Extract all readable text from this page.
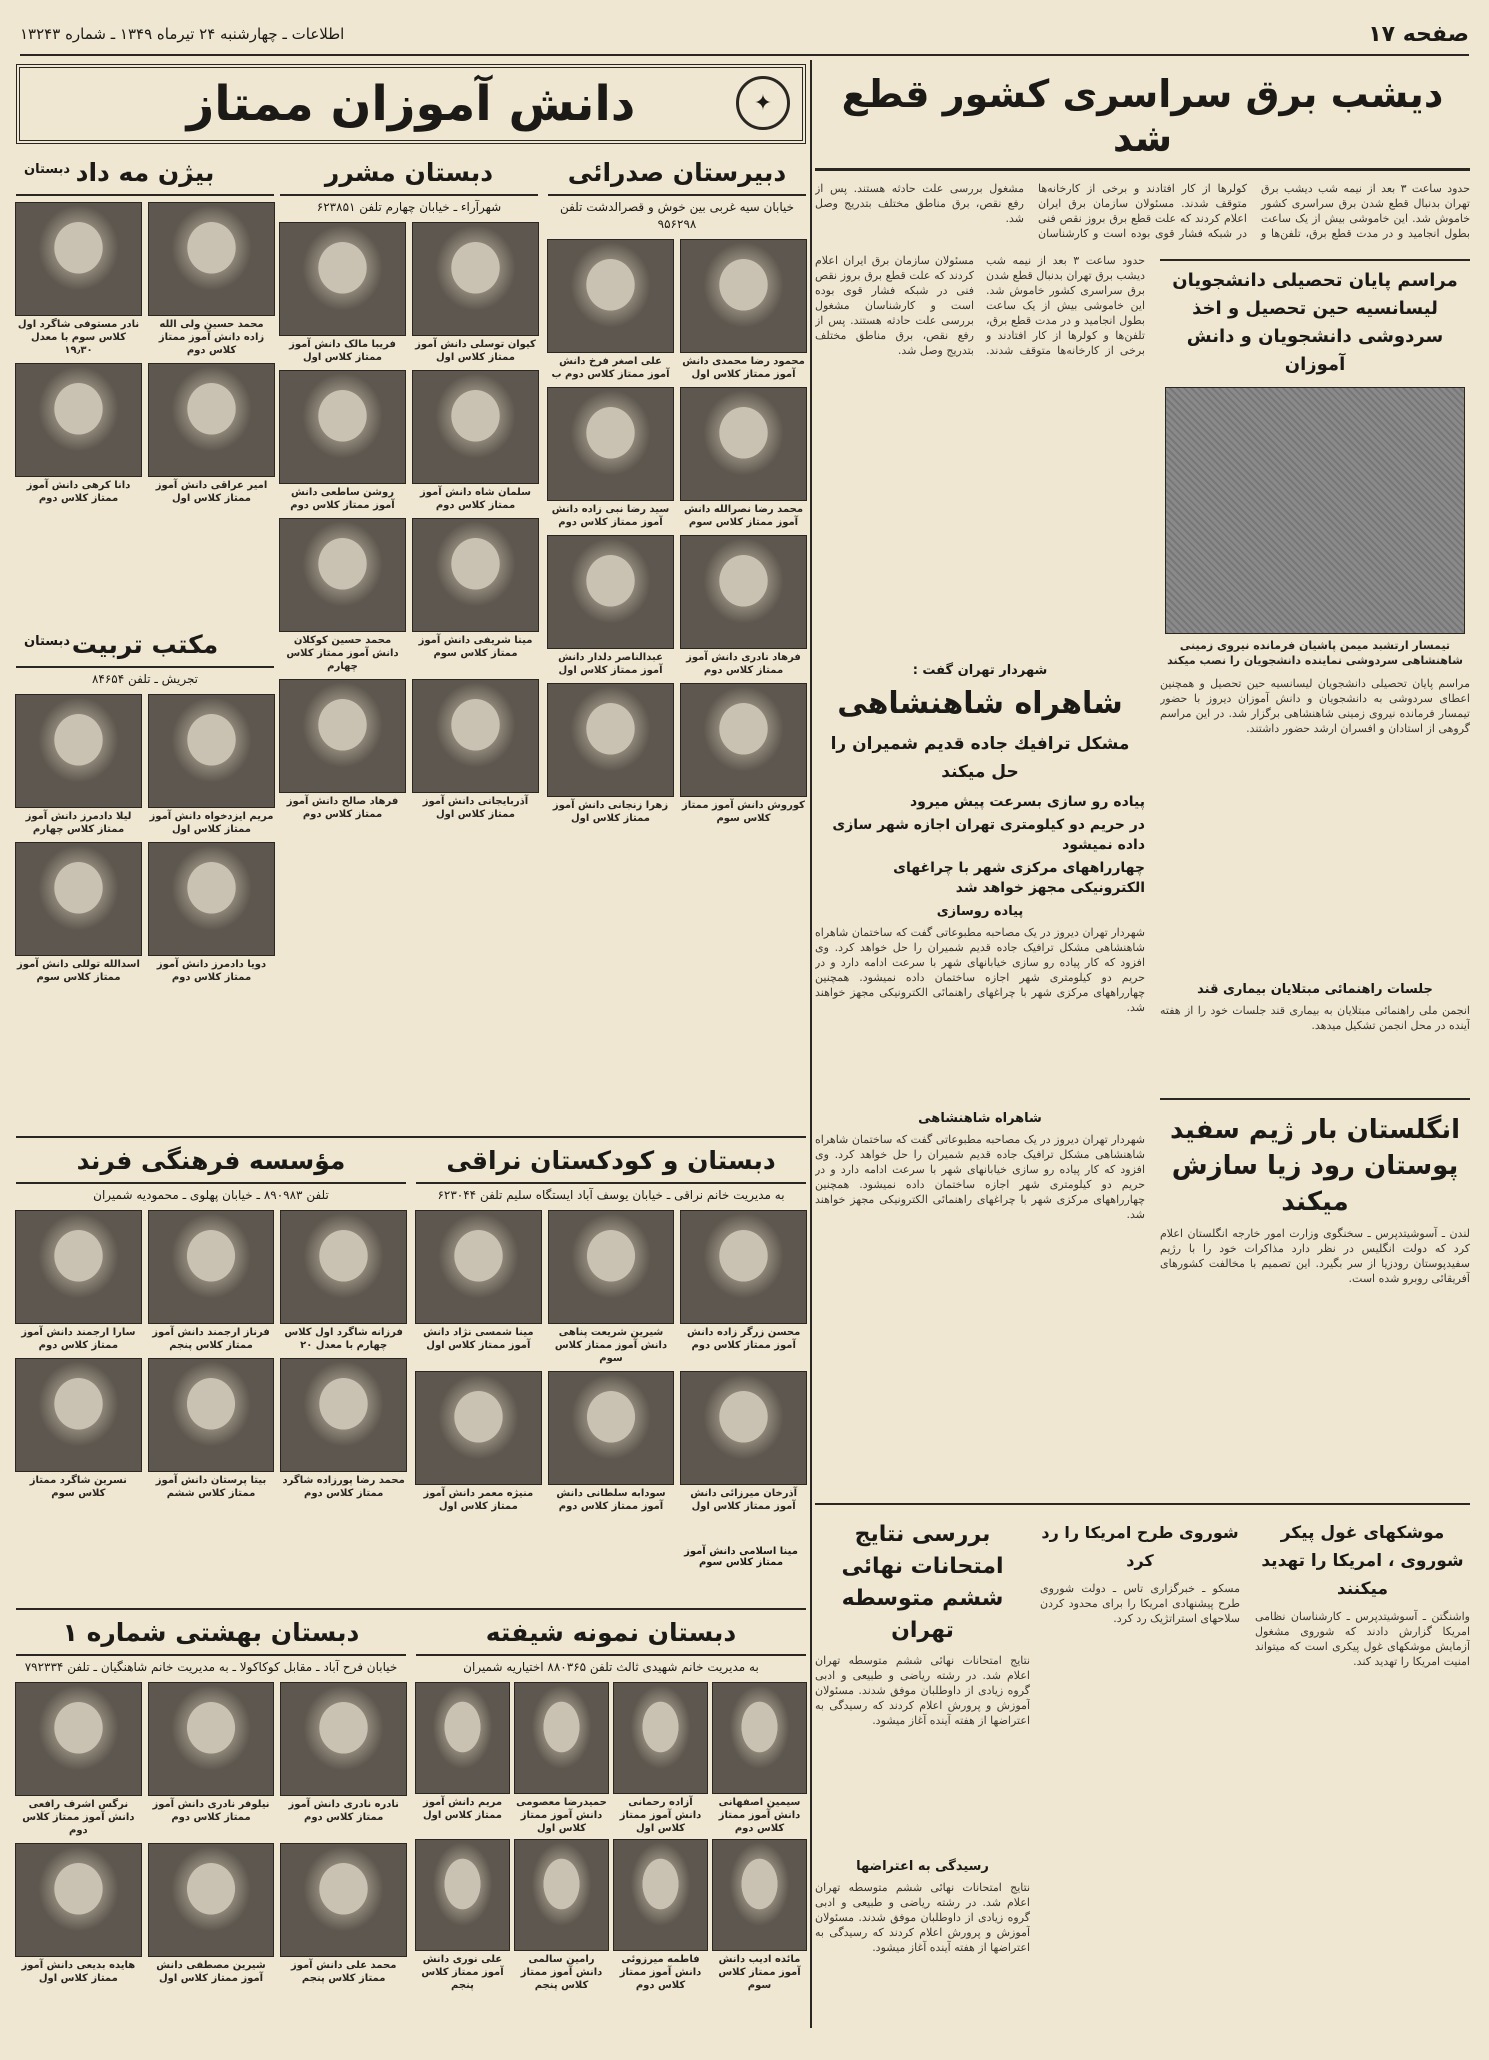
صفحه ۱۷
اطلاعات ـ چهارشنبه ۲۴ تیرماه ۱۳۴۹ ـ شماره ۱۳۲۴۳
دیشب برق سراسری کشور قطع شد
حدود ساعت ۳ بعد از نیمه شب دیشب برق تهران بدنبال قطع شدن برق سراسری کشور خاموش شد. این خاموشی بیش از یک ساعت بطول انجامید و در مدت قطع برق، تلفن‌ها و کولرها از کار افتادند و برخی از کارخانه‌ها متوقف شدند. مسئولان سازمان برق ایران اعلام کردند که علت قطع برق بروز نقص فنی در شبکه فشار قوی بوده است و کارشناسان مشغول بررسی علت حادثه هستند. پس از رفع نقص، برق مناطق مختلف بتدریج وصل شد.
مراسم پایان تحصیلی دانشجویان لیسانسیه حین تحصیل و اخذ سردوشی دانشجویان و دانش آموزان
تیمسار ارتشبد میمن پاشیان فرمانده نیروی زمینی شاهنشاهی سردوشی نماینده دانشجویان را نصب میکند
مراسم پایان تحصیلی دانشجویان لیسانسیه حین تحصیل و همچنین اعطای سردوشی به دانشجویان و دانش آموزان دیروز با حضور تیمسار فرمانده نیروی زمینی شاهنشاهی برگزار شد. در این مراسم گروهی از استادان و افسران ارشد حضور داشتند.
جلسات راهنمائی مبتلایان بیماری قند
انجمن ملی راهنمائی مبتلایان به بیماری قند جلسات خود را از هفته آینده در محل انجمن تشکیل میدهد.
حدود ساعت ۳ بعد از نیمه شب دیشب برق تهران بدنبال قطع شدن برق سراسری کشور خاموش شد. این خاموشی بیش از یک ساعت بطول انجامید و در مدت قطع برق، تلفن‌ها و کولرها از کار افتادند و برخی از کارخانه‌ها متوقف شدند. مسئولان سازمان برق ایران اعلام کردند که علت قطع برق بروز نقص فنی در شبکه فشار قوی بوده است و کارشناسان مشغول بررسی علت حادثه هستند. پس از رفع نقص، برق مناطق مختلف بتدریج وصل شد.
شهردار تهران گفت :
شاهراه شاهنشاهی
مشکل ترافیك جاده قدیم شمیران را حل میکند
پیاده رو سازی بسرعت پیش میرود
در حریم دو کیلومتری تهران اجازه شهر سازی داده نمیشود
چهارراههای مرکزی شهر با چراغهای الکترونیکی مجهز خواهد شد
پیاده روسازی
شهردار تهران دیروز در یک مصاحبه مطبوعاتی گفت که ساختمان شاهراه شاهنشاهی مشکل ترافیک جاده قدیم شمیران را حل خواهد کرد. وی افزود که کار پیاده رو سازی خیابانهای شهر با سرعت ادامه دارد و در حریم دو کیلومتری شهر اجازه ساختمان داده نمیشود. همچنین چهارراههای مرکزی شهر با چراغهای راهنمائی الکترونیکی مجهز خواهند شد.
شاهراه شاهنشاهی
شهردار تهران دیروز در یک مصاحبه مطبوعاتی گفت که ساختمان شاهراه شاهنشاهی مشکل ترافیک جاده قدیم شمیران را حل خواهد کرد. وی افزود که کار پیاده رو سازی خیابانهای شهر با سرعت ادامه دارد و در حریم دو کیلومتری شهر اجازه ساختمان داده نمیشود. همچنین چهارراههای مرکزی شهر با چراغهای راهنمائی الکترونیکی مجهز خواهند شد.
انگلستان بار ژیم سفید پوستان رود زیا سازش میکند
لندن ـ آسوشیتدپرس ـ سخنگوی وزارت امور خارجه انگلستان اعلام کرد که دولت انگلیس در نظر دارد مذاکرات خود را با رژیم سفیدپوستان رودزیا از سر بگیرد. این تصمیم با مخالفت کشورهای آفریقائی روبرو شده است.
بررسی نتایج امتحانات نهائی ششم متوسطه تهران
نتایج امتحانات نهائی ششم متوسطه تهران اعلام شد. در رشته ریاضی و طبیعی و ادبی گروه زیادی از داوطلبان موفق شدند. مسئولان آموزش و پرورش اعلام کردند که رسیدگی به اعتراضها از هفته آینده آغاز میشود.
رسیدگی به اعتراضها
نتایج امتحانات نهائی ششم متوسطه تهران اعلام شد. در رشته ریاضی و طبیعی و ادبی گروه زیادی از داوطلبان موفق شدند. مسئولان آموزش و پرورش اعلام کردند که رسیدگی به اعتراضها از هفته آینده آغاز میشود.
شوروی طرح امریکا را رد کرد
مسکو ـ خبرگزاری تاس ـ دولت شوروی طرح پیشنهادی امریکا را برای محدود کردن سلاحهای استراتژیک رد کرد.
موشکهای غول پیکر شوروی ، امریکا را تهدید میکنند
واشنگتن ـ آسوشیتدپرس ـ کارشناسان نظامی امریکا گزارش دادند که شوروی مشغول آزمایش موشکهای غول پیکری است که میتواند امنیت امریکا را تهدید کند.
✦
دانش آموزان ممتاز
دبیرستان صدرائی
خیابان سیه غربی بین خوش و قصرالدشت تلفن ۹۵۶۲۹۸
محمود رضا محمدی دانش آموز ممتاز کلاس اول
علی اصغر فرخ دانش آموز ممتاز کلاس دوم ب
محمد رضا نصرالله دانش آموز ممتاز کلاس سوم
سید رضا نبی زاده دانش آموز ممتاز کلاس دوم
فرهاد نادری دانش آموز ممتاز کلاس دوم
عبدالناصر دلدار دانش آموز ممتاز کلاس اول
کوروش دانش آموز ممتاز کلاس سوم
زهرا زنجانی دانش آموز ممتاز کلاس اول
دبستان مشرر
شهرآراء ـ خیابان چهارم تلفن ۶۲۳۸۵۱
کیوان توسلی دانش آموز ممتاز کلاس اول
فریبا مالک دانش آموز ممتاز کلاس اول
سلمان شاه دانش آموز ممتاز کلاس دوم
روشن ساطعی دانش آموز ممتاز کلاس دوم
مینا شریفی دانش آموز ممتاز کلاس سوم
محمد حسین کوکلان دانش آموز ممتاز کلاس چهارم
آذربایجانی دانش آموز ممتاز کلاس اول
فرهاد صالح دانش آموز ممتاز کلاس دوم
بیژن مه داد
دبستان
محمد حسین ولی الله زاده دانش آموز ممتاز کلاس دوم
نادر مستوفی شاگرد اول کلاس سوم با معدل ۱۹٫۳۰
امیر عراقی دانش آموز ممتاز کلاس اول
دانا کرهی دانش آموز ممتاز کلاس دوم
مکتب تربیت
دبستان
تجریش ـ تلفن ۸۴۶۵۴
مریم ایزدخواه دانش آموز ممتاز کلاس اول
لیلا دادمرز دانش آموز ممتاز کلاس چهارم
دویا دادمرز دانش آموز ممتاز کلاس دوم
اسدالله توللی دانش آموز ممتاز کلاس سوم
مؤسسه فرهنگی فرند
تلفن ۸۹۰۹۸۳ ـ خیابان پهلوی ـ محمودیه شمیران
فرزانه شاگرد اول کلاس چهارم با معدل ۲۰
فرناز ارجمند دانش آموز ممتاز کلاس پنجم
سارا ارجمند دانش آموز ممتاز کلاس دوم
محمد رضا پورزاده شاگرد ممتاز کلاس دوم
بیتا پرستان دانش آموز ممتاز کلاس ششم
نسرین شاگرد ممتاز کلاس سوم
دبستان و کودکستان نراقی
به مدیریت خانم نراقی ـ خیابان یوسف آباد ایستگاه سلیم تلفن ۶۲۳۰۴۴
محسن زرگر زاده دانش آموز ممتاز کلاس دوم
شیرین شریعت پناهی دانش آموز ممتاز کلاس سوم
مینا شمسی نژاد دانش آموز ممتاز کلاس اول
آذرخان میرزائی دانش آموز ممتاز کلاس اول
سودابه سلطانی دانش آموز ممتاز کلاس دوم
منیژه معمر دانش آموز ممتاز کلاس اول
دبستان بهشتی شماره ۱
خیابان فرح آباد ـ مقابل کوکاکولا ـ به مدیریت خانم شاهنگیان ـ تلفن ۷۹۲۳۳۴
نادره نادری دانش آموز ممتاز کلاس دوم
نیلوفر نادری دانش آموز ممتاز کلاس دوم
نرگس اشرف رافعی دانش آموز ممتاز کلاس دوم
محمد علی دانش آموز ممتاز کلاس پنجم
شیرین مصطفی دانش آموز ممتاز کلاس اول
هایده بدیعی دانش آموز ممتاز کلاس اول
دبستان نمونه شیفته
به مدیریت خانم شهیدی ثالث تلفن ۸۸۰۳۶۵ اختیاریه شمیران
سیمین اصفهانی دانش آموز ممتاز کلاس دوم
آزاده رحمانی دانش آموز ممتاز کلاس اول
حمیدرضا معصومی دانش آموز ممتاز کلاس اول
مریم دانش آموز ممتاز کلاس اول
مائده ادیب دانش آموز ممتاز کلاس سوم
فاطمه میرزوئی دانش آموز ممتاز کلاس دوم
رامین سالمی دانش آموز ممتاز کلاس پنجم
علی نوری دانش آموز ممتاز کلاس پنجم
مینا اسلامی دانش آموز ممتاز کلاس سوم
